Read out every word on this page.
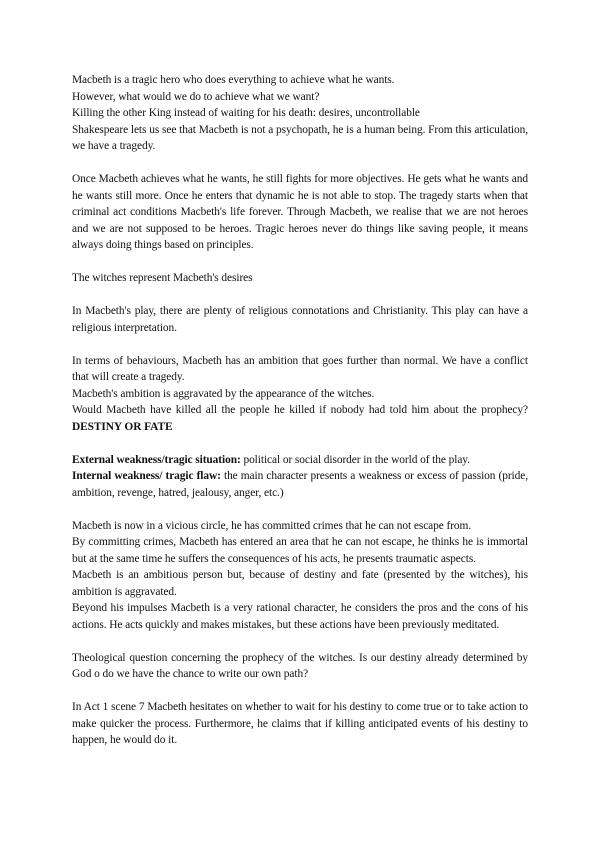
Macbeth is a tragic hero who does everything to achieve what he wants.

However, what would we do to achieve what we want?

Killing the other King instead of waiting for his death: desires, uncontrollable

Shakespeare lets us see that Macbeth is not a psychopath, he is a human being. From this articulation, we have a tragedy.

Once Macbeth achieves what he wants, he still fights for more objectives. He gets what he wants and he wants still more. Once he enters that dynamic he is not able to stop. The tragedy starts when that criminal act conditions Macbeth's life forever. Through Macbeth, we realise that we are not heroes and we are not supposed to be heroes. Tragic heroes never do things like saving people, it means always doing things based on principles.

The witches represent Macbeth's desires

In Macbeth's play, there are plenty of religious connotations and Christianity. This play can have a religious interpretation.

In terms of behaviours, Macbeth has an ambition that goes further than normal. We have a conflict that will create a tragedy.

Macbeth's ambition is aggravated by the appearance of the witches.

Would Macbeth have killed all the people he killed if nobody had told him about the prophecy? DESTINY OR FATE

External weakness/tragic situation: political or social disorder in the world of the play.

Internal weakness/ tragic flaw: the main character presents a weakness or excess of passion (pride, ambition, revenge, hatred, jealousy, anger, etc.)

Macbeth is now in a vicious circle, he has committed crimes that he can not escape from.

By committing crimes, Macbeth has entered an area that he can not escape, he thinks he is immortal but at the same time he suffers the consequences of his acts, he presents traumatic aspects.

Macbeth is an ambitious person but, because of destiny and fate (presented by the witches), his ambition is aggravated.

Beyond his impulses Macbeth is a very rational character, he considers the pros and the cons of his actions. He acts quickly and makes mistakes, but these actions have been previously meditated.

Theological question concerning the prophecy of the witches. Is our destiny already determined by God o do we have the chance to write our own path?

In Act 1 scene 7 Macbeth hesitates on whether to wait for his destiny to come true or to take action to make quicker the process. Furthermore, he claims that if killing anticipated events of his destiny to happen, he would do it.
